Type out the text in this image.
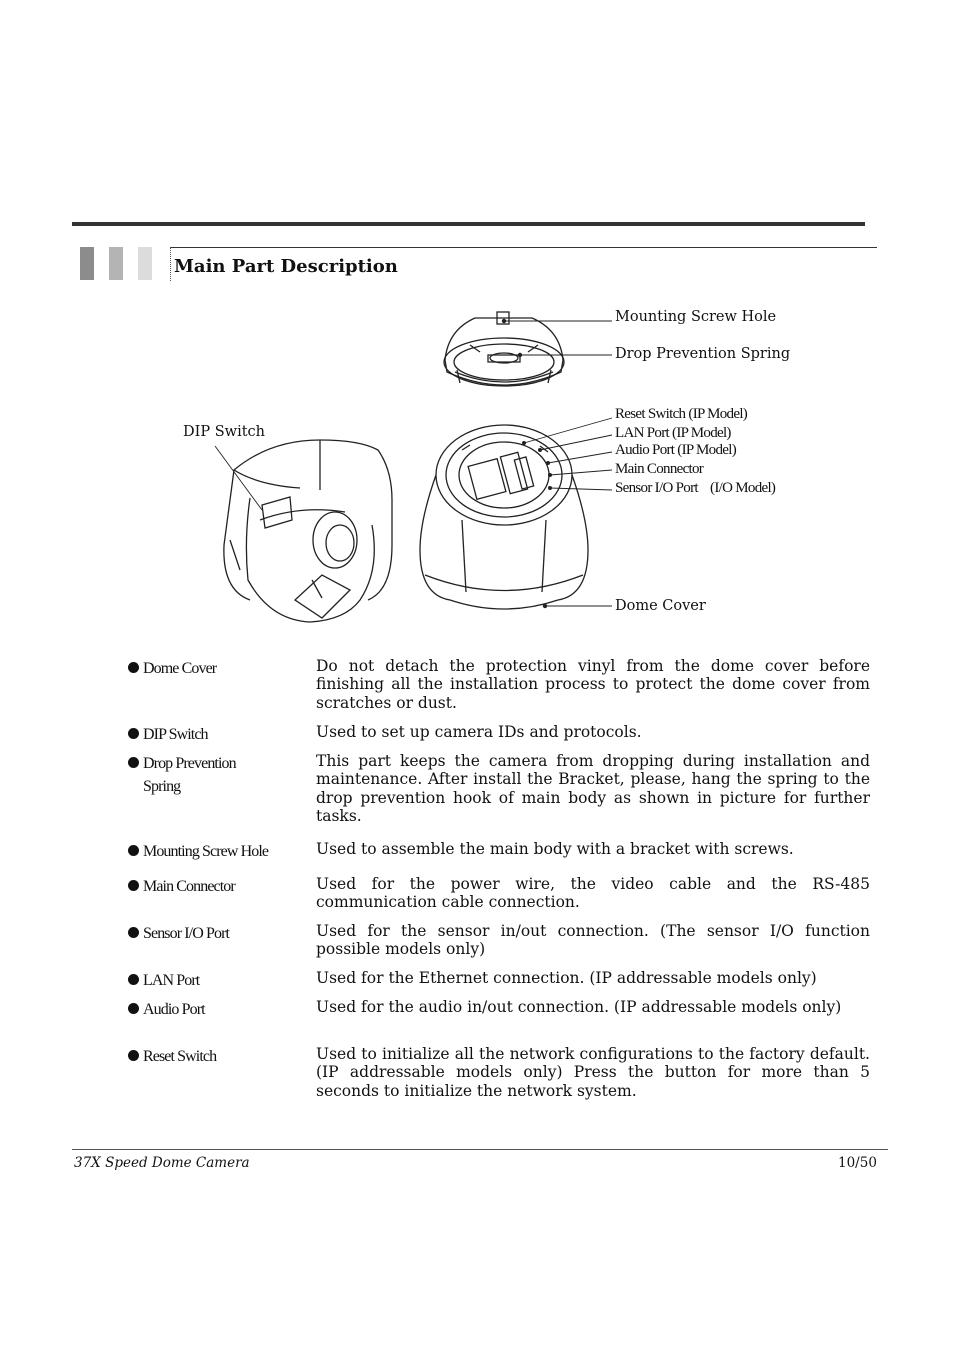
Main Part Description
Mounting Screw Hole
Drop Prevention Spring
DIP Switch
Reset Switch (IP Model)
LAN Port (IP Model)
Audio Port (IP Model)
Main Connector
Sensor I/O Port    (I/O Model)
Dome Cover
Dome Cover	Do not detach the protection vinyl from the dome cover before finishing all the installation process to protect the dome cover from scratches or dust.
DIP Switch	Used to set up camera IDs and protocols.
Drop Prevention
Spring
This part keeps the camera from dropping during installation and maintenance. After install the Bracket, please, hang the spring to the drop prevention hook of main body as shown in picture for further tasks.
Mounting Screw Hole	Used to assemble the main body with a bracket with screws.
Main Connector	Used for the power wire, the video cable and the RS-485 communication cable connection.
Sensor I/O Port	Used for the sensor in/out connection. (The sensor I/O function possible models only)
LAN Port	Used for the Ethernet connection. (IP addressable models only)
Audio Port	Used for the audio in/out connection. (IP addressable models only)
Reset Switch	Used to initialize all the network configurations to the factory default. (IP addressable models only) Press the button for more than 5 seconds to initialize the network system.
37X Speed Dome Camera	10/50
